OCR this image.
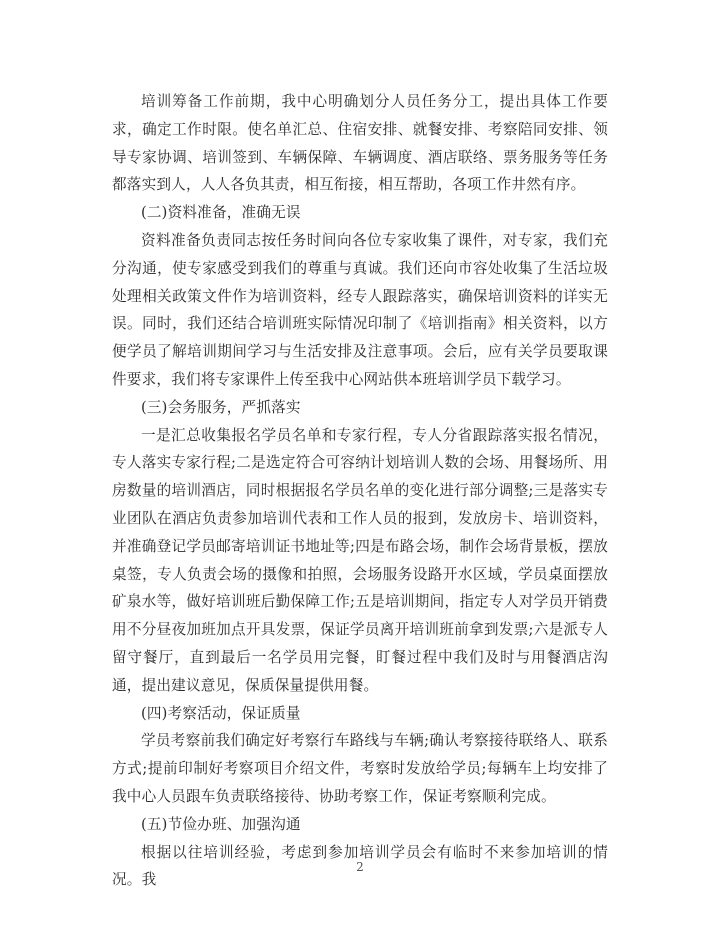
培训筹备工作前期，我中心明确划分人员任务分工，提出具体工作要求，确定工作时限。使名单汇总、住宿安排、就餐安排、考察陪同安排、领导专家协调、培训签到、车辆保障、车辆调度、酒店联络、票务服务等任务都落实到人，人人各负其责，相互衔接，相互帮助，各项工作井然有序。

(二)资料准备，准确无误

资料准备负责同志按任务时间向各位专家收集了课件，对专家，我们充分沟通，使专家感受到我们的尊重与真诚。我们还向市容处收集了生活垃圾处理相关政策文件作为培训资料，经专人跟踪落实，确保培训资料的详实无误。同时，我们还结合培训班实际情况印制了《培训指南》相关资料，以方便学员了解培训期间学习与生活安排及注意事项。会后，应有关学员要取课件要求，我们将专家课件上传至我中心网站供本班培训学员下载学习。

(三)会务服务，严抓落实

一是汇总收集报名学员名单和专家行程，专人分省跟踪落实报名情况，专人落实专家行程;二是选定符合可容纳计划培训人数的会场、用餐场所、用房数量的培训酒店，同时根据报名学员名单的变化进行部分调整;三是落实专业团队在酒店负责参加培训代表和工作人员的报到，发放房卡、培训资料，并准确登记学员邮寄培训证书地址等;四是布路会场，制作会场背景板，摆放桌签，专人负责会场的摄像和拍照，会场服务设路开水区域，学员桌面摆放矿泉水等，做好培训班后勤保障工作;五是培训期间，指定专人对学员开销费用不分昼夜加班加点开具发票，保证学员离开培训班前拿到发票;六是派专人留守餐厅，直到最后一名学员用完餐，盯餐过程中我们及时与用餐酒店沟通，提出建议意见，保质保量提供用餐。

(四)考察活动，保证质量

学员考察前我们确定好考察行车路线与车辆;确认考察接待联络人、联系方式;提前印制好考察项目介绍文件，考察时发放给学员;每辆车上均安排了我中心人员跟车负责联络接待、协助考察工作，保证考察顺利完成。

(五)节俭办班、加强沟通

根据以往培训经验，考虑到参加培训学员会有临时不来参加培训的情况。我

2
